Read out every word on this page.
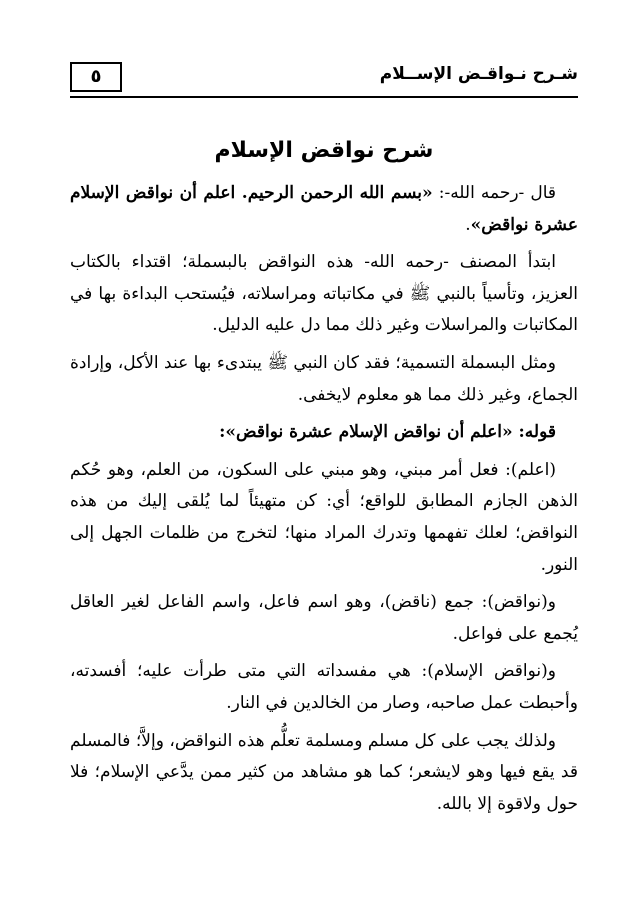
٥	شـرح نـواقـض الإســلام
شرح نواقض الإسلام

قال -رحمه الله-: «بسم الله الرحمن الرحيم. اعلم أن نواقض الإسلام عشرة نواقض».

ابتدأ المصنف -رحمه الله- هذه النواقض بالبسملة؛ اقتداء بالكتاب العزيز، وتأسياً بالنبي ﷺ في مكاتباته ومراسلاته، فيُستحب البداءة بها في المكاتبات والمراسلات وغير ذلك مما دل عليه الدليل.

ومثل البسملة التسمية؛ فقد كان النبي ﷺ يبتدىء بها عند الأكل، وإرادة الجماع، وغير ذلك مما هو معلوم لايخفى.

قوله: «اعلم أن نواقض الإسلام عشرة نواقض»:

(اعلم): فعل أمر مبني، وهو مبني على السكون، من العلم، وهو حُكم الذهن الجازم المطابق للواقع؛ أي: كن متهيئاً لما يُلقى إليك من هذه النواقض؛ لعلك تفهمها وتدرك المراد منها؛ لتخرج من ظلمات الجهل إلى النور.

و(نواقض): جمع (ناقض)، وهو اسم فاعل، واسم الفاعل لغير العاقل يُجمع على فواعل.

و(نواقض الإسلام): هي مفسداته التي متى طرأت عليه؛ أفسدته، وأحبطت عمل صاحبه، وصار من الخالدين في النار.

ولذلك يجب على كل مسلم ومسلمة تعلُّم هذه النواقض، وإلاَّ؛ فالمسلم قد يقع فيها وهو لايشعر؛ كما هو مشاهد من كثير ممن يدَّعي الإسلام؛ فلا حول ولاقوة إلا بالله.
